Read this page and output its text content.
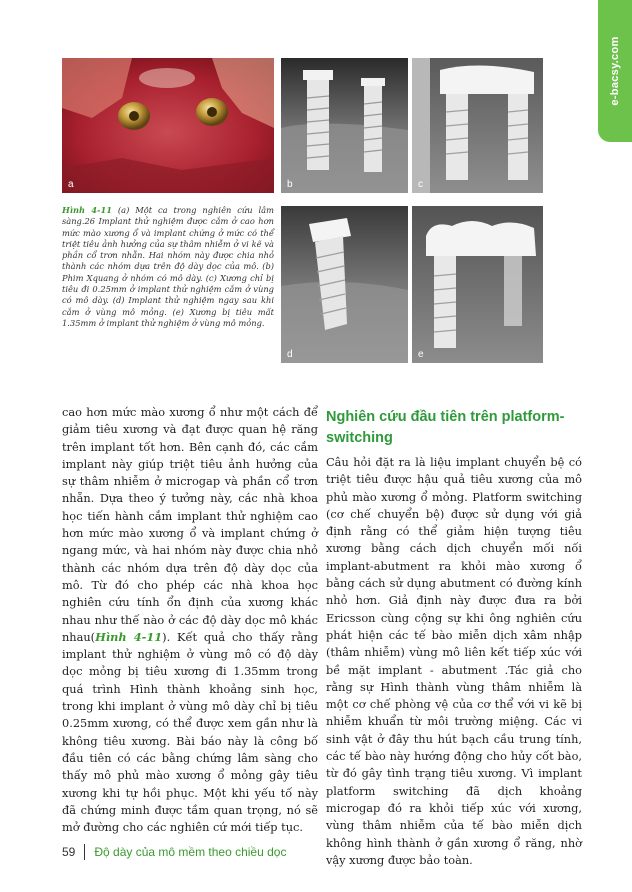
e-bacsy.com
a	b	c
d	e
Hình 4-11 (a) Một ca trong nghiên cứu lâm sàng.26 Implant thử nghiệm được cắm ở cao hơn mức mào xương ổ và implant chứng ở mức có thể triệt tiêu ảnh hưởng của sự thâm nhiễm ở vi kẽ và phần cổ trơn nhẵn. Hai nhóm này được chia nhỏ thành các nhóm dựa trên độ dày dọc của mô. (b) Phim Xquang ở nhóm có mô dày. (c) Xương chỉ bị tiêu đi 0.25mm ở implant thử nghiệm cắm ở vùng có mô dày. (d) Implant thử nghiệm ngay sau khi cắm ở vùng mô mỏng. (e) Xương bị tiêu mất 1.35mm ở implant thử nghiệm ở vùng mô mỏng.
cao hơn mức mào xương ổ như một cách để giảm tiêu xương và đạt được quan hệ răng trên implant tốt hơn. Bên cạnh đó, các cắm implant này giúp triệt tiêu ảnh hưởng của sự thâm nhiễm ở microgap và phần cổ trơn nhẵn. Dựa theo ý tưởng này, các nhà khoa học tiến hành cắm implant thử nghiệm cao hơn mức mào xương ổ và implant chứng ở ngang mức, và hai nhóm này được chia nhỏ thành các nhóm dựa trên độ dày dọc của mô. Từ đó cho phép các nhà khoa học nghiên cứu tính ổn định của xương khác nhau như thế nào ở các độ dày dọc mô khác nhau(Hình 4-11). Kết quả cho thấy rằng implant thử nghiệm ở vùng mô có độ dày dọc mỏng bị tiêu xương đi 1.35mm trong quá trình Hình thành khoảng sinh học, trong khi implant ở vùng mô dày chỉ bị tiêu 0.25mm xương, có thể được xem gần như là không tiêu xương. Bài báo này là công bố đầu tiên có các bằng chứng lâm sàng cho thấy mô phủ mào xương ổ mỏng gây tiêu xương khi tự hồi phục. Một khi yếu tố này đã chứng minh được tầm quan trọng, nó sẽ mở đường cho các nghiên cứ mới tiếp tục.
Nghiên cứu đầu tiên trên platform-switching
Câu hỏi đặt ra là liệu implant chuyển bệ có triệt tiêu được hậu quả tiêu xương của mô phủ mào xương ổ mỏng. Platform switching (cơ chế chuyển bệ) được sử dụng với giả định rằng có thể giảm hiện tượng tiêu xương bằng cách dịch chuyển mối nối implant-abutment ra khỏi mào xương ổ bằng cách sử dụng abutment có đường kính nhỏ hơn. Giả định này được đưa ra bởi Ericsson cùng cộng sự khi ông nghiên cứu phát hiện các tế bào miễn dịch xâm nhập (thâm nhiễm) vùng mô liên kết tiếp xúc với bề mặt implant - abutment .Tác giả cho rằng sự Hình thành vùng thâm nhiễm là một cơ chế phòng vệ của cơ thể với vi kẽ bị nhiễm khuẩn từ môi trường miệng. Các vi sinh vật ở đây thu hút bạch cầu trung tính, các tế bào này hướng động cho hủy cốt bào, từ đó gây tình trạng tiêu xương. Vì implant platform switching đã dịch khoảng microgap đó ra khỏi tiếp xúc với xương, vùng thâm nhiễm của tế bào miễn dịch không hình thành ở gần xương ổ răng, nhờ vậy xương được bảo toàn.
59 Độ dày của mô mềm theo chiều dọc
